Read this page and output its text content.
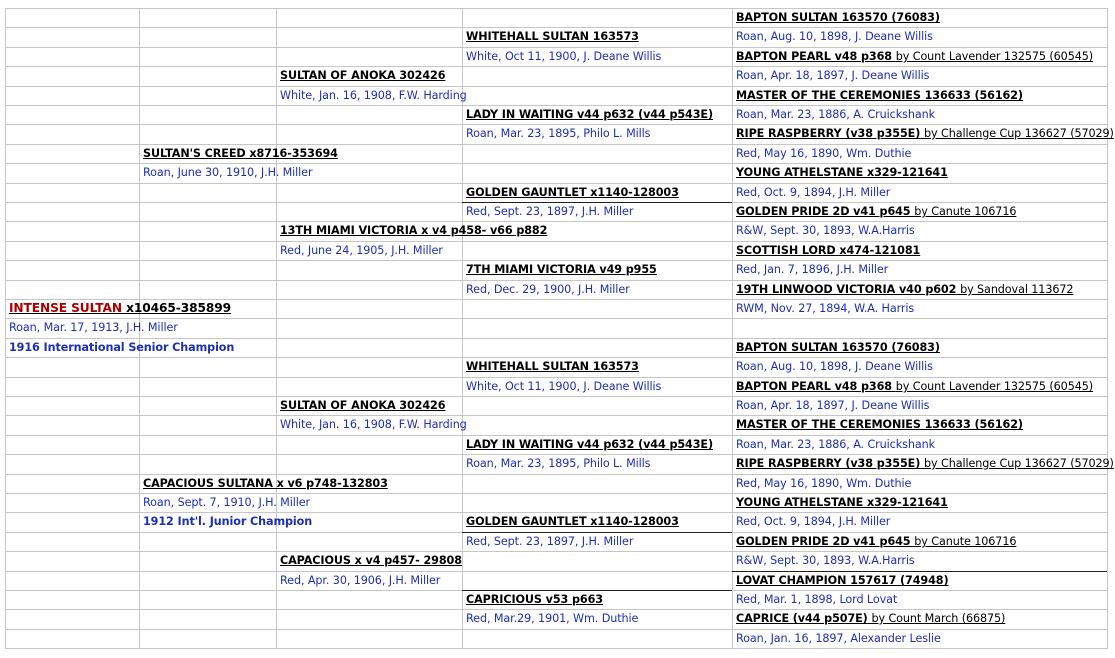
INTENSE SULTAN x10465-385899
Roan, Mar. 17, 1913, J.H. Miller
1916 International Senior Champion
SULTAN'S CREED x8716-353694
Roan, June 30, 1910, J.H. Miller
CAPACIOUS SULTANA x v6 p748-132803
Roan, Sept. 7, 1910, J.H. Miller
1912 Int'l. Junior Champion
SULTAN OF ANOKA 302426
White, Jan. 16, 1908, F.W. Harding
13TH MIAMI VICTORIA x v4 p458- v66 p882
Red, June 24, 1905, J.H. Miller
SULTAN OF ANOKA 302426
White, Jan. 16, 1908, F.W. Harding
CAPACIOUS x v4 p457- 29808
Red, Apr. 30, 1906, J.H. Miller
WHITEHALL SULTAN 163573
White, Oct 11, 1900, J. Deane Willis
LADY IN WAITING v44 p632 (v44 p543E)
Roan, Mar. 23, 1895, Philo L. Mills
GOLDEN GAUNTLET x1140-128003
Red, Sept. 23, 1897, J.H. Miller
7TH MIAMI VICTORIA v49 p955
Red, Dec. 29, 1900, J.H. Miller
WHITEHALL SULTAN 163573
White, Oct 11, 1900, J. Deane Willis
LADY IN WAITING v44 p632 (v44 p543E)
Roan, Mar. 23, 1895, Philo L. Mills
GOLDEN GAUNTLET x1140-128003
Red, Sept. 23, 1897, J.H. Miller
CAPRICIOUS v53 p663
Red, Mar.29, 1901, Wm. Duthie
BAPTON SULTAN 163570 (76083)
Roan, Aug. 10, 1898, J. Deane Willis
BAPTON PEARL v48 p368 by Count Lavender 132575 (60545)
Roan, Apr. 18, 1897, J. Deane Willis
MASTER OF THE CEREMONIES 136633 (56162)
Roan, Mar. 23, 1886, A. Cruickshank
RIPE RASPBERRY (v38 p355E) by Challenge Cup 136627 (57029)
Red, May 16, 1890, Wm. Duthie
YOUNG ATHELSTANE x329-121641
Red, Oct. 9, 1894, J.H. Miller
GOLDEN PRIDE 2D v41 p645 by Canute 106716
R&W, Sept. 30, 1893, W.A.Harris
SCOTTISH LORD x474-121081
Red, Jan. 7, 1896, J.H. Miller
19TH LINWOOD VICTORIA v40 p602 by Sandoval 113672
RWM, Nov. 27, 1894, W.A. Harris
BAPTON SULTAN 163570 (76083)
Roan, Aug. 10, 1898, J. Deane Willis
BAPTON PEARL v48 p368 by Count Lavender 132575 (60545)
Roan, Apr. 18, 1897, J. Deane Willis
MASTER OF THE CEREMONIES 136633 (56162)
Roan, Mar. 23, 1886, A. Cruickshank
RIPE RASPBERRY (v38 p355E) by Challenge Cup 136627 (57029)
Red, May 16, 1890, Wm. Duthie
YOUNG ATHELSTANE x329-121641
Red, Oct. 9, 1894, J.H. Miller
GOLDEN PRIDE 2D v41 p645 by Canute 106716
R&W, Sept. 30, 1893, W.A.Harris
LOVAT CHAMPION 157617 (74948)
Red, Mar. 1, 1898, Lord Lovat
CAPRICE (v44 p507E) by Count March (66875)
Roan, Jan. 16, 1897, Alexander Leslie
